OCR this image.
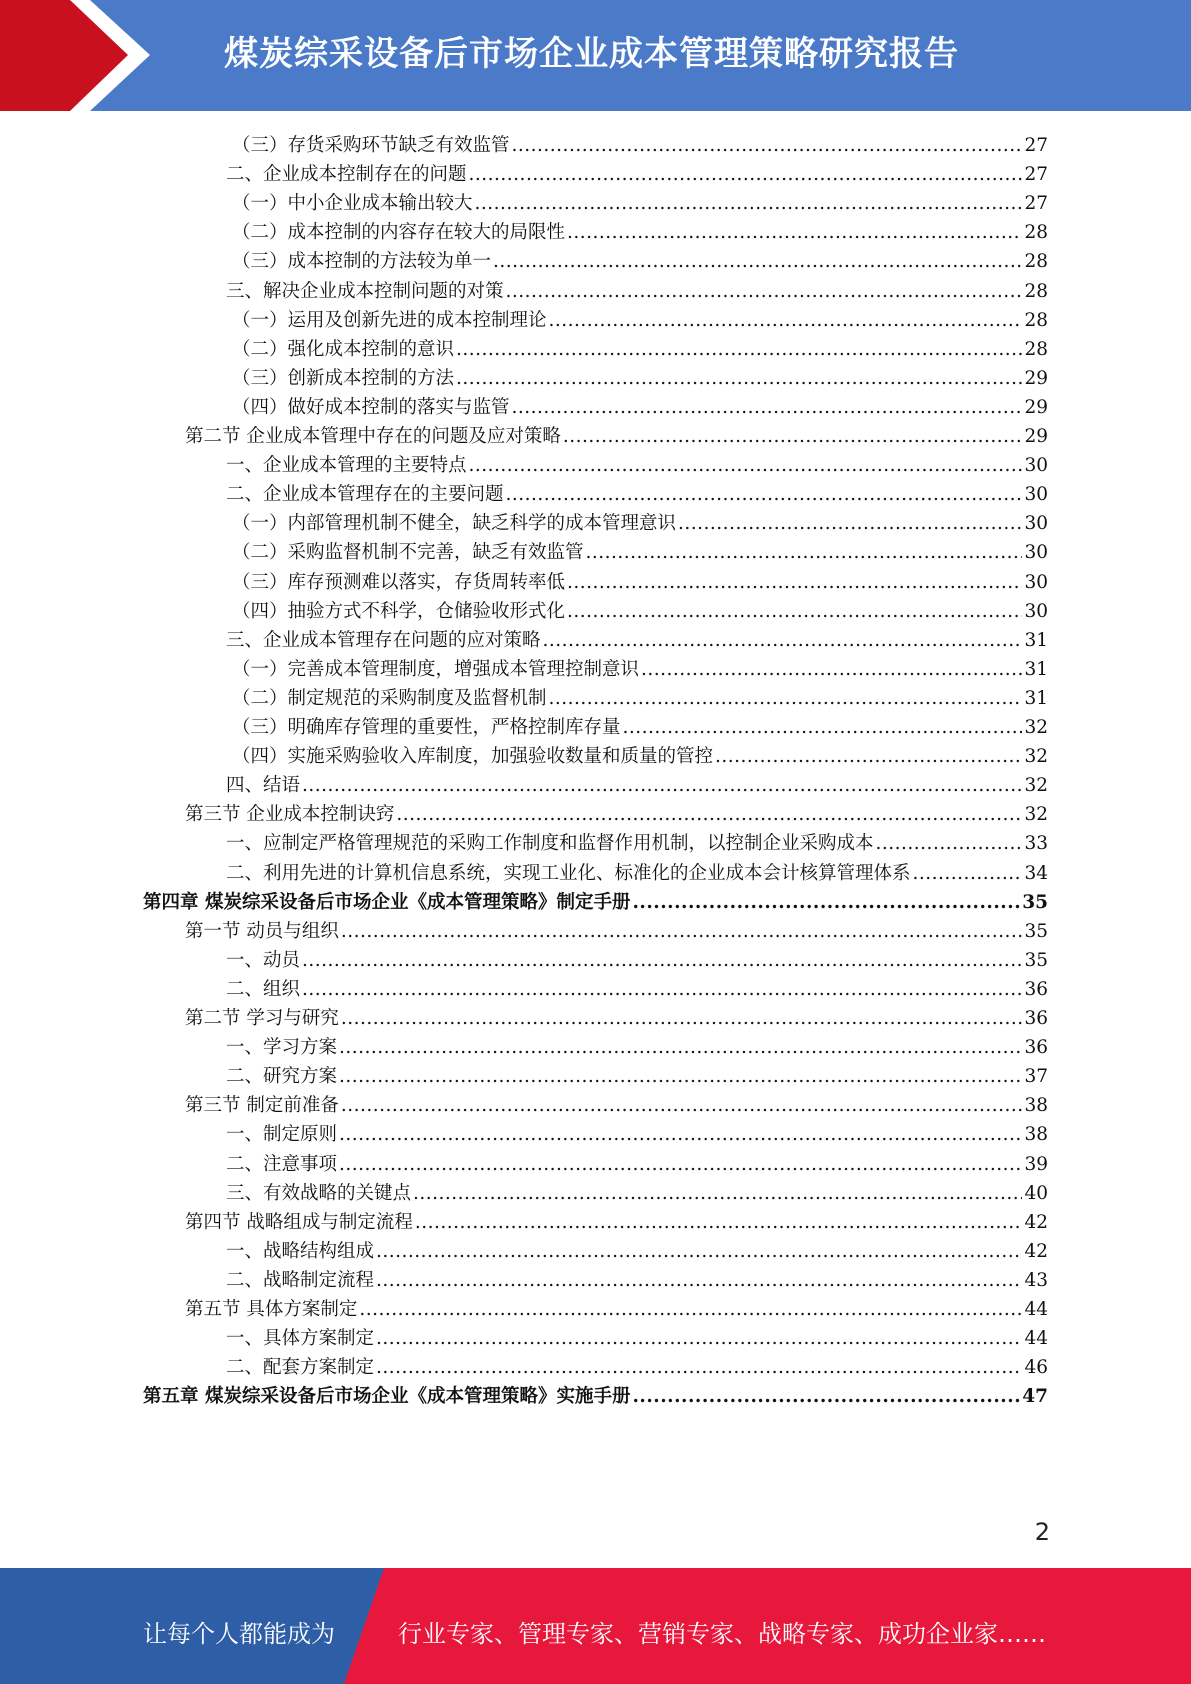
煤炭综采设备后市场企业成本管理策略研究报告
（三）存货采购环节缺乏有效监管 .....	27
二、企业成本控制存在的问题 .....	27
（一）中小企业成本输出较大 .....	27
（二）成本控制的内容存在较大的局限性 .....	28
（三）成本控制的方法较为单一 .....	28
三、解决企业成本控制问题的对策 .....	28
（一）运用及创新先进的成本控制理论 .....	28
（二）强化成本控制的意识 .....	28
（三）创新成本控制的方法 .....	29
（四）做好成本控制的落实与监管 .....	29
第二节 企业成本管理中存在的问题及应对策略 .....	29
一、企业成本管理的主要特点 .....	30
二、企业成本管理存在的主要问题 .....	30
（一）内部管理机制不健全，缺乏科学的成本管理意识 .....	30
（二）采购监督机制不完善，缺乏有效监管 .....	30
（三）库存预测难以落实，存货周转率低 .....	30
（四）抽验方式不科学，仓储验收形式化 .....	30
三、企业成本管理存在问题的应对策略 .....	31
（一）完善成本管理制度，增强成本管理控制意识 .....	31
（二）制定规范的采购制度及监督机制 .....	31
（三）明确库存管理的重要性，严格控制库存量 .....	32
（四）实施采购验收入库制度，加强验收数量和质量的管控 .....	32
四、结语 .....	32
第三节 企业成本控制诀窍 .....	32
一、应制定严格管理规范的采购工作制度和监督作用机制，以控制企业采购成本 .....	33
二、利用先进的计算机信息系统，实现工业化、标准化的企业成本会计核算管理体系 .....	34
第四章 煤炭综采设备后市场企业《成本管理策略》制定手册 .....	35
第一节 动员与组织 .....	35
一、动员 .....	35
二、组织 .....	36
第二节 学习与研究 .....	36
一、学习方案 .....	36
二、研究方案 .....	37
第三节 制定前准备 .....	38
一、制定原则 .....	38
二、注意事项 .....	39
三、有效战略的关键点 .....	40
第四节 战略组成与制定流程 .....	42
一、战略结构组成 .....	42
二、战略制定流程 .....	43
第五节 具体方案制定 .....	44
一、具体方案制定 .....	44
二、配套方案制定 .....	46
第五章 煤炭综采设备后市场企业《成本管理策略》实施手册 .....	47
2
让每个人都能成为	行业专家、管理专家、营销专家、战略专家、成功企业家……
